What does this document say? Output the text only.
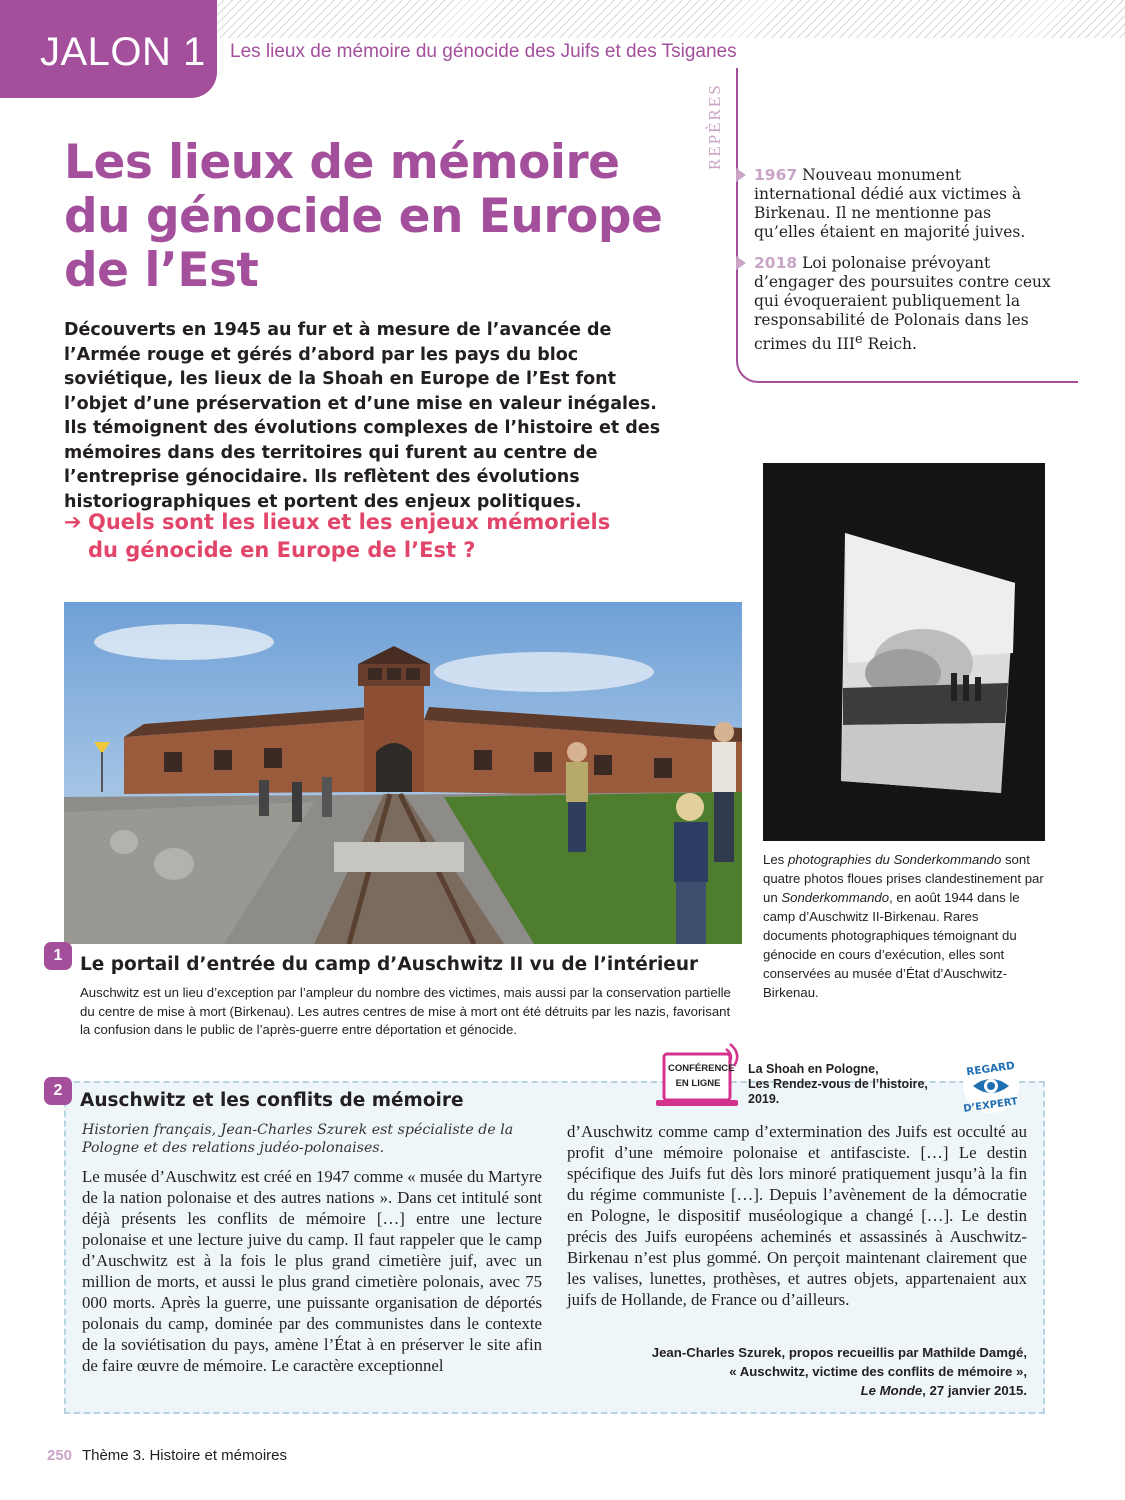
JALON 1 Les lieux de mémoire du génocide des Juifs et des Tsiganes
Les lieux de mémoire
du génocide en Europe
de l’Est

Découverts en 1945 au fur et à mesure de l’avancée de l’Armée rouge et gérés d’abord par les pays du bloc soviétique, les lieux de la Shoah en Europe de l’Est font l’objet d’une préservation et d’une mise en valeur inégales. Ils témoignent des évolutions complexes de l’histoire et des mémoires dans des territoires qui furent au centre de l’entreprise génocidaire. Ils reflètent des évolutions historiographiques et portent des enjeux politiques.

➔ Quels sont les lieux et les enjeux mémoriels du génocide en Europe de l’Est ?
REPÈRES
1967 Nouveau monument international dédié aux victimes à Birkenau. Il ne mentionne pas qu’elles étaient en majorité juives.
2018 Loi polonaise prévoyant d’engager des poursuites contre ceux qui évoqueraient publiquement la responsabilité de Polonais dans les crimes du IIIe Reich.

Les photographies du Sonderkommando sont quatre photos floues prises clandestinement par un Sonderkommando, en août 1944 dans le camp d’Auschwitz II-Birkenau. Rares documents photographiques témoignant du génocide en cours d’exécution, elles sont conservées au musée d’État d’Auschwitz-Birkenau.

1 Le portail d’entrée du camp d’Auschwitz II vu de l’intérieur

Auschwitz est un lieu d’exception par l’ampleur du nombre des victimes, mais aussi par la conservation partielle du centre de mise à mort (Birkenau). Les autres centres de mise à mort ont été détruits par les nazis, favorisant la confusion dans le public de l’après-guerre entre déportation et génocide.

2 Auschwitz et les conflits de mémoire

Historien français, Jean-Charles Szurek est spécialiste de la Pologne et des relations judéo-polonaises.

Le musée d’Auschwitz est créé en 1947 comme « musée du Martyre de la nation polonaise et des autres nations ». Dans cet intitulé sont déjà présents les conflits de mémoire […] entre une lecture polonaise et une lecture juive du camp. Il faut rappeler que le camp d’Auschwitz est à la fois le plus grand cimetière juif, avec un million de morts, et aussi le plus grand cimetière polonais, avec 75 000 morts. Après la guerre, une puissante organisation de déportés polonais du camp, dominée par des communistes dans le contexte de la soviétisation du pays, amène l’État à en préserver le site afin de faire œuvre de mémoire. Le caractère exceptionnel

d’Auschwitz comme camp d’extermination des Juifs est occulté au profit d’une mémoire polonaise et antifasciste. […] Le destin spécifique des Juifs fut dès lors minoré pratiquement jusqu’à la fin du régime communiste […]. Depuis l’avènement de la démocratie en Pologne, le dispositif muséologique a changé […]. Le destin précis des Juifs européens acheminés et assassinés à Auschwitz-Birkenau n’est plus gommé. On perçoit maintenant clairement que les valises, lunettes, prothèses, et autres objets, appartenaient aux juifs de Hollande, de France ou d’ailleurs.

Jean-Charles Szurek, propos recueillis par Mathilde Damgé,
« Auschwitz, victime des conflits de mémoire »,
Le Monde, 27 janvier 2015.
CONFÉRENCE
EN LIGNE
La Shoah en Pologne,
Les Rendez-vous de l’histoire,
2019.
REGARD
D’EXPERT
250 Thème 3. Histoire et mémoires
